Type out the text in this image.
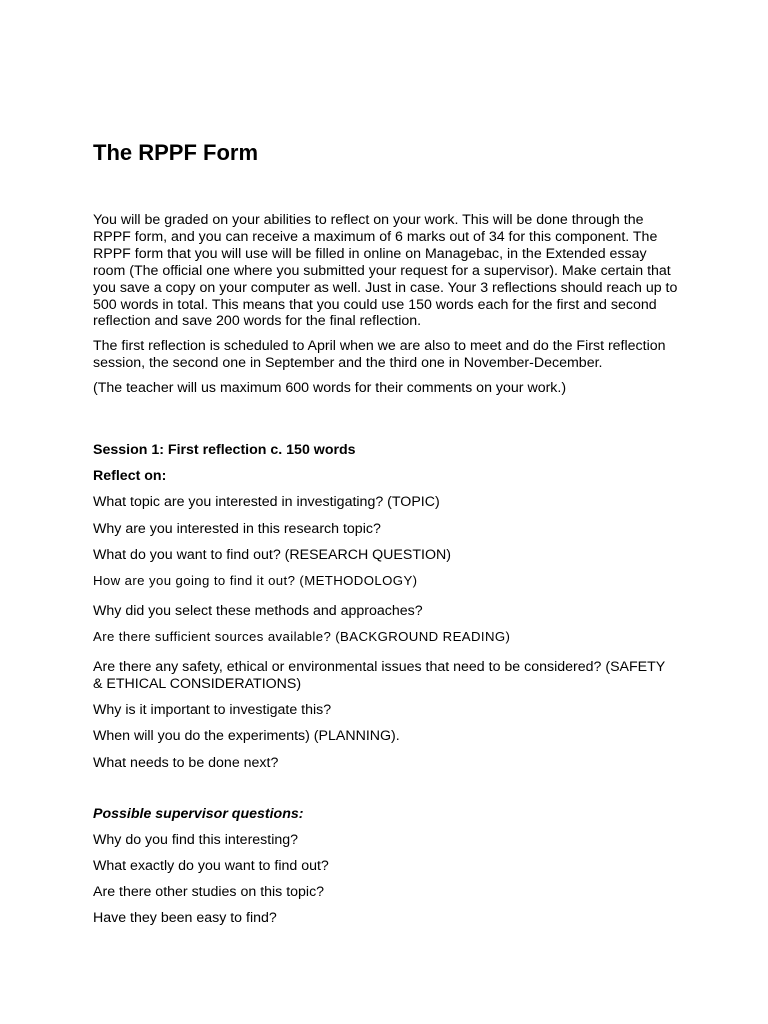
The RPPF Form

You will be graded on your abilities to reflect on your work. This will be done through the RPPF form, and you can receive a maximum of 6 marks out of 34 for this component. The RPPF form that you will use will be filled in online on Managebac, in the Extended essay room (The official one where you submitted your request for a supervisor). Make certain that you save a copy on your computer as well. Just in case. Your 3 reflections should reach up to 500 words in total. This means that you could use 150 words each for the first and second reflection and save 200 words for the final reflection.

The first reflection is scheduled to April when we are also to meet and do the First reflection session, the second one in September and the third one in November-December.

(The teacher will us maximum 600 words for their comments on your work.)

Session 1: First reflection c. 150 words

Reflect on:

What topic are you interested in investigating? (TOPIC)

Why are you interested in this research topic?

What do you want to find out? (RESEARCH QUESTION)

How are you going to find it out? (METHODOLOGY)

Why did you select these methods and approaches?

Are there sufficient sources available? (BACKGROUND READING)

Are there any safety, ethical or environmental issues that need to be considered? (SAFETY & ETHICAL CONSIDERATIONS)

Why is it important to investigate this?

When will you do the experiments) (PLANNING).

What needs to be done next?

Possible supervisor questions:

Why do you find this interesting?

What exactly do you want to find out?

Are there other studies on this topic?

Have they been easy to find?
